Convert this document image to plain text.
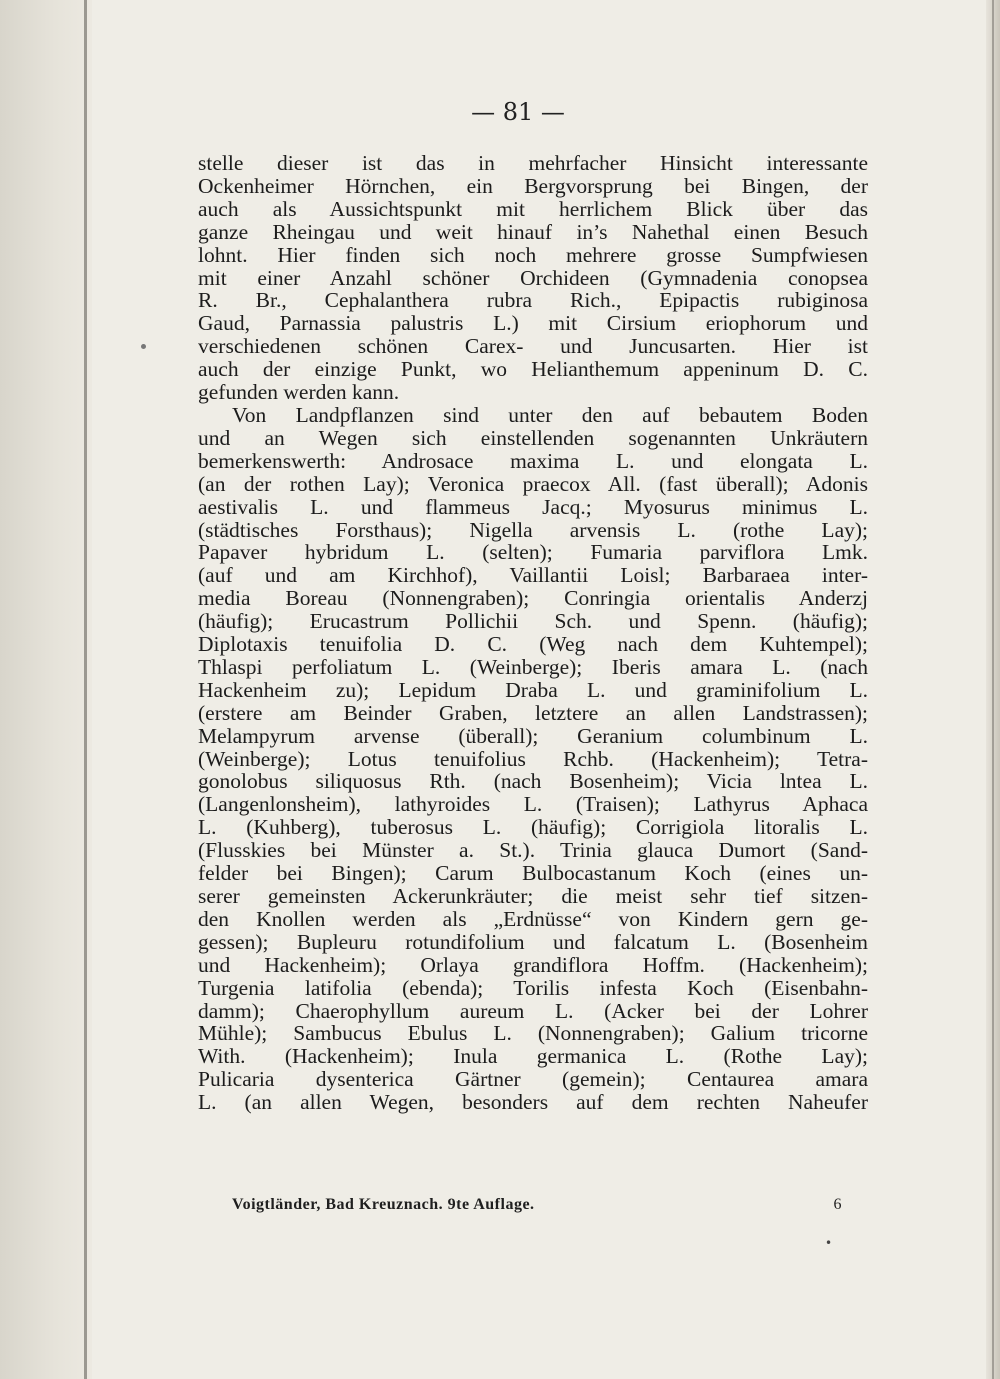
— 81 —
stelle dieser ist das in mehrfacher Hinsicht interessante
Ockenheimer Hörnchen, ein Bergvorsprung bei Bingen, der
auch als Aussichtspunkt mit herrlichem Blick über das
ganze Rheingau und weit hinauf in’s Nahethal einen Besuch
lohnt. Hier finden sich noch mehrere grosse Sumpfwiesen
mit einer Anzahl schöner Orchideen (Gymnadenia conopsea
R. Br., Cephalanthera rubra Rich., Epipactis rubiginosa
Gaud, Parnassia palustris L.) mit Cirsium eriophorum und
verschiedenen schönen Carex- und Juncusarten. Hier ist
auch der einzige Punkt, wo Helianthemum appeninum D. C.
gefunden werden kann.
Von Landpflanzen sind unter den auf bebautem Boden
und an Wegen sich einstellenden sogenannten Unkräutern
bemerkenswerth: Androsace maxima L. und elongata L.
(an der rothen Lay); Veronica praecox All. (fast überall); Adonis
aestivalis L. und flammeus Jacq.; Myosurus minimus L.
(städtisches Forsthaus); Nigella arvensis L. (rothe Lay);
Papaver hybridum L. (selten); Fumaria parviflora Lmk.
(auf und am Kirchhof), Vaillantii Loisl; Barbaraea inter-
media Boreau (Nonnengraben); Conringia orientalis Anderzj
(häufig); Erucastrum Pollichii Sch. und Spenn. (häufig);
Diplotaxis tenuifolia D. C. (Weg nach dem Kuhtempel);
Thlaspi perfoliatum L. (Weinberge); Iberis amara L. (nach
Hackenheim zu); Lepidum Draba L. und graminifolium L.
(erstere am Beinder Graben, letztere an allen Landstrassen);
Melampyrum arvense (überall); Geranium columbinum L.
(Weinberge); Lotus tenuifolius Rchb. (Hackenheim); Tetra-
gonolobus siliquosus Rth. (nach Bosenheim); Vicia lntea L.
(Langenlonsheim), lathyroides L. (Traisen); Lathyrus Aphaca
L. (Kuhberg), tuberosus L. (häufig); Corrigiola litoralis L.
(Flusskies bei Münster a. St.). Trinia glauca Dumort (Sand-
felder bei Bingen); Carum Bulbocastanum Koch (eines un-
serer gemeinsten Ackerunkräuter; die meist sehr tief sitzen-
den Knollen werden als „Erdnüsse“ von Kindern gern ge-
gessen); Bupleuru rotundifolium und falcatum L. (Bosenheim
und Hackenheim); Orlaya grandiflora Hoffm. (Hackenheim);
Turgenia latifolia (ebenda); Torilis infesta Koch (Eisenbahn-
damm); Chaerophyllum aureum L. (Acker bei der Lohrer
Mühle); Sambucus Ebulus L. (Nonnengraben); Galium tricorne
With. (Hackenheim); Inula germanica L. (Rothe Lay);
Pulicaria dysenterica Gärtner (gemein); Centaurea amara
L. (an allen Wegen, besonders auf dem rechten Naheufer
Voigtländer, Bad Kreuznach. 9te Auflage.	6
•
